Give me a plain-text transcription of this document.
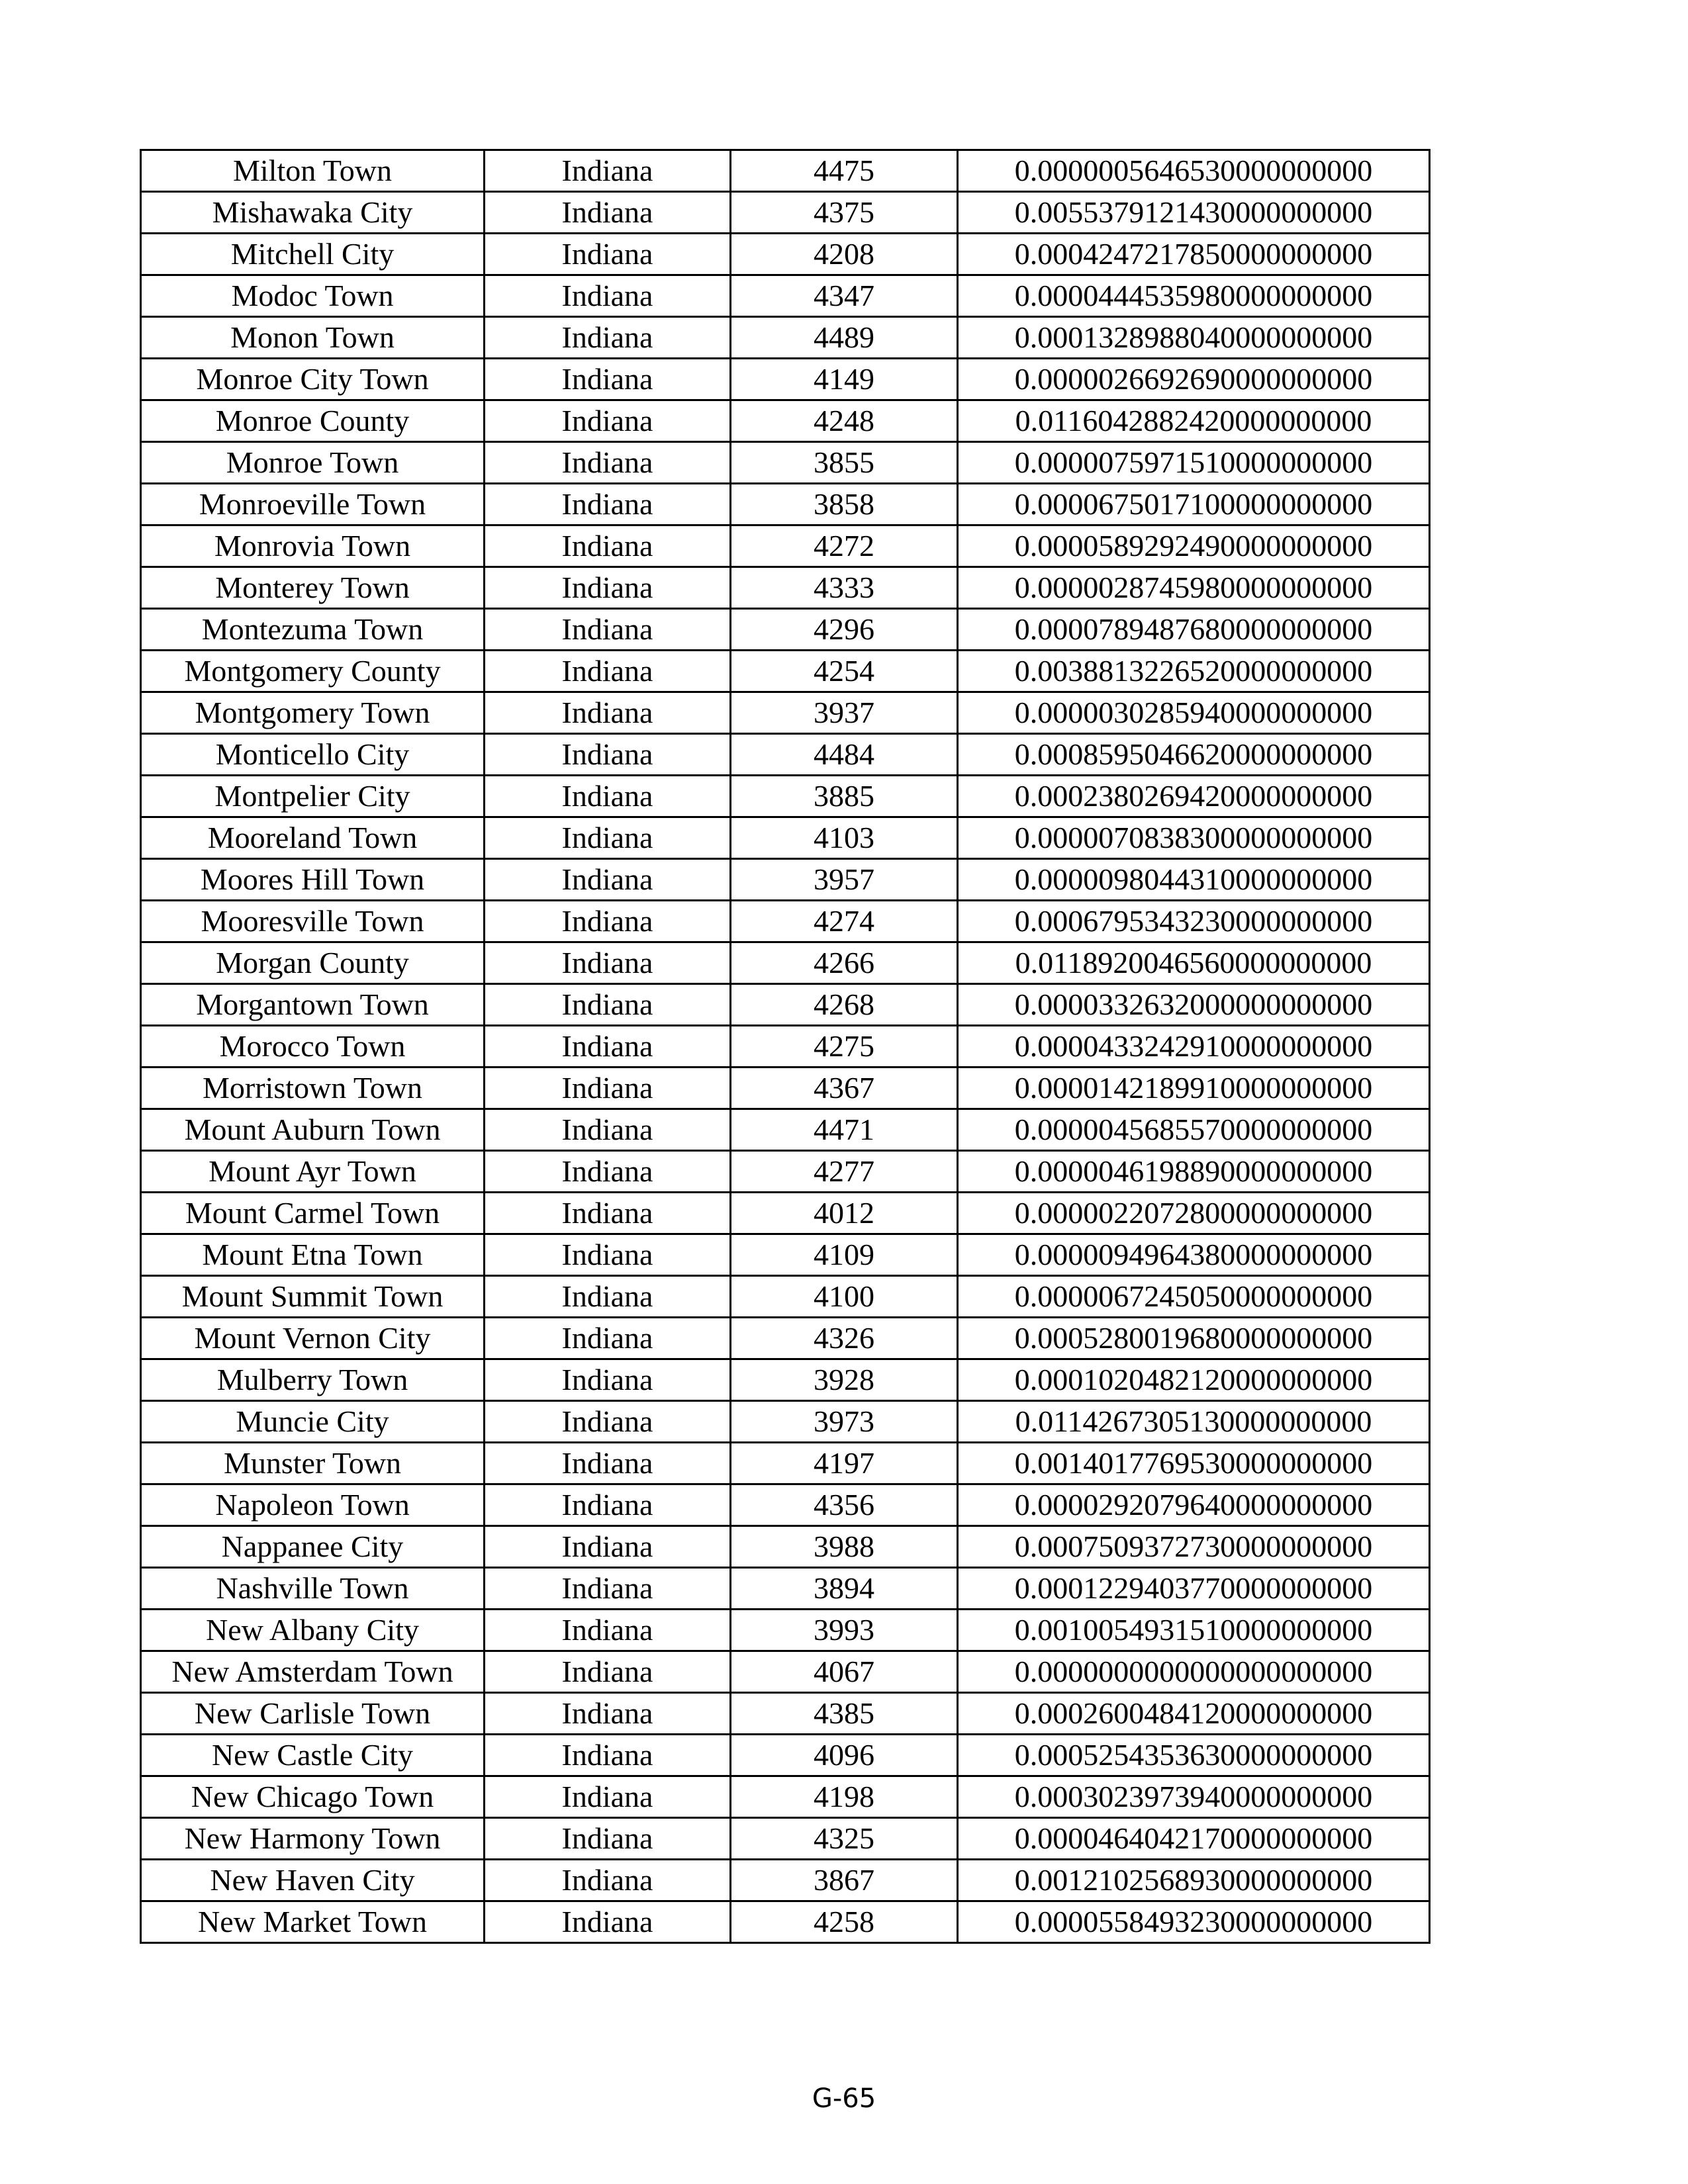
Milton Town	Indiana	4475	0.0000005646530000000000
Mishawaka City	Indiana	4375	0.0055379121430000000000
Mitchell City	Indiana	4208	0.0004247217850000000000
Modoc Town	Indiana	4347	0.0000444535980000000000
Monon Town	Indiana	4489	0.0001328988040000000000
Monroe City Town	Indiana	4149	0.0000026692690000000000
Monroe County	Indiana	4248	0.0116042882420000000000
Monroe Town	Indiana	3855	0.0000075971510000000000
Monroeville Town	Indiana	3858	0.0000675017100000000000
Monrovia Town	Indiana	4272	0.0000589292490000000000
Monterey Town	Indiana	4333	0.0000028745980000000000
Montezuma Town	Indiana	4296	0.0000789487680000000000
Montgomery County	Indiana	4254	0.0038813226520000000000
Montgomery Town	Indiana	3937	0.0000030285940000000000
Monticello City	Indiana	4484	0.0008595046620000000000
Montpelier City	Indiana	3885	0.0002380269420000000000
Mooreland Town	Indiana	4103	0.0000070838300000000000
Moores Hill Town	Indiana	3957	0.0000098044310000000000
Mooresville Town	Indiana	4274	0.0006795343230000000000
Morgan County	Indiana	4266	0.0118920046560000000000
Morgantown Town	Indiana	4268	0.0000332632000000000000
Morocco Town	Indiana	4275	0.0000433242910000000000
Morristown Town	Indiana	4367	0.0000142189910000000000
Mount Auburn Town	Indiana	4471	0.0000045685570000000000
Mount Ayr Town	Indiana	4277	0.0000046198890000000000
Mount Carmel Town	Indiana	4012	0.0000022072800000000000
Mount Etna Town	Indiana	4109	0.0000094964380000000000
Mount Summit Town	Indiana	4100	0.0000067245050000000000
Mount Vernon City	Indiana	4326	0.0005280019680000000000
Mulberry Town	Indiana	3928	0.0001020482120000000000
Muncie City	Indiana	3973	0.0114267305130000000000
Munster Town	Indiana	4197	0.0014017769530000000000
Napoleon Town	Indiana	4356	0.0000292079640000000000
Nappanee City	Indiana	3988	0.0007509372730000000000
Nashville Town	Indiana	3894	0.0001229403770000000000
New Albany City	Indiana	3993	0.0010054931510000000000
New Amsterdam Town	Indiana	4067	0.0000000000000000000000
New Carlisle Town	Indiana	4385	0.0002600484120000000000
New Castle City	Indiana	4096	0.0005254353630000000000
New Chicago Town	Indiana	4198	0.0003023973940000000000
New Harmony Town	Indiana	4325	0.0000464042170000000000
New Haven City	Indiana	3867	0.0012102568930000000000
New Market Town	Indiana	4258	0.0000558493230000000000
G-65
